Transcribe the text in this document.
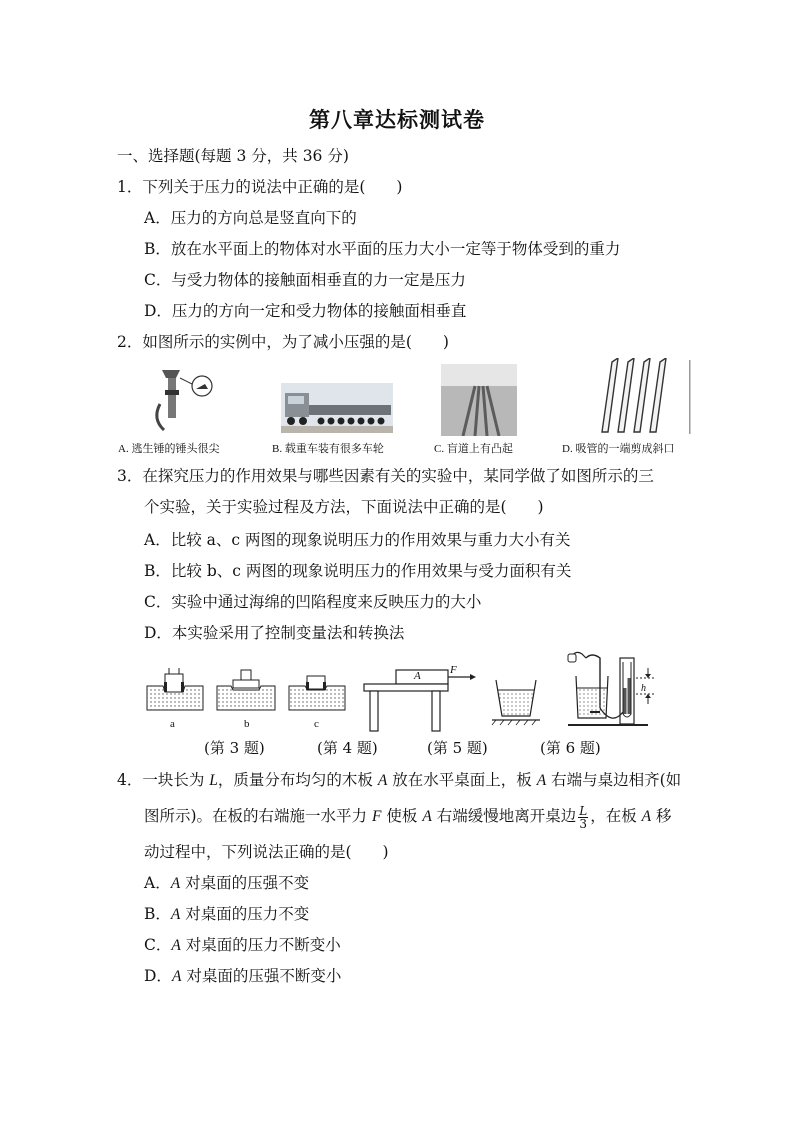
第八章达标测试卷
一、选择题(每题 3 分，共 36 分)
1．下列关于压力的说法中正确的是(　　)
A．压力的方向总是竖直向下的
B．放在水平面上的物体对水平面的压力大小一定等于物体受到的重力
C．与受力物体的接触面相垂直的力一定是压力
D．压力的方向一定和受力物体的接触面相垂直
2．如图所示的实例中，为了减小压强的是(　　)
A. 逃生锤的锤头很尖	B. 载重车装有很多车轮	C. 盲道上有凸起	D. 吸管的一端剪成斜口
3．在探究压力的作用效果与哪些因素有关的实验中，某同学做了如图所示的三
个实验，关于实验过程及方法，下面说法中正确的是(　　)
A．比较 a、c 两图的现象说明压力的作用效果与重力大小有关
B．比较 b、c 两图的现象说明压力的作用效果与受力面积有关
C．实验中通过海绵的凹陷程度来反映压力的大小
D．本实验采用了控制变量法和转换法
a	b	c
A	F
h
(第 3 题)	(第 4 题)	(第 5 题)	(第 6 题)
4．一块长为 L，质量分布均匀的木板 A 放在水平桌面上，板 A 右端与桌边相齐(如
图所示)。在板的右端施一水平力 F 使板 A 右端缓慢地离开桌边 $\frac{L}{3}$ ，在板 A 移
动过程中，下列说法正确的是(　　)
A．A 对桌面的压强不变
B．A 对桌面的压力不变
C．A 对桌面的压力不断变小
D．A 对桌面的压强不断变小
